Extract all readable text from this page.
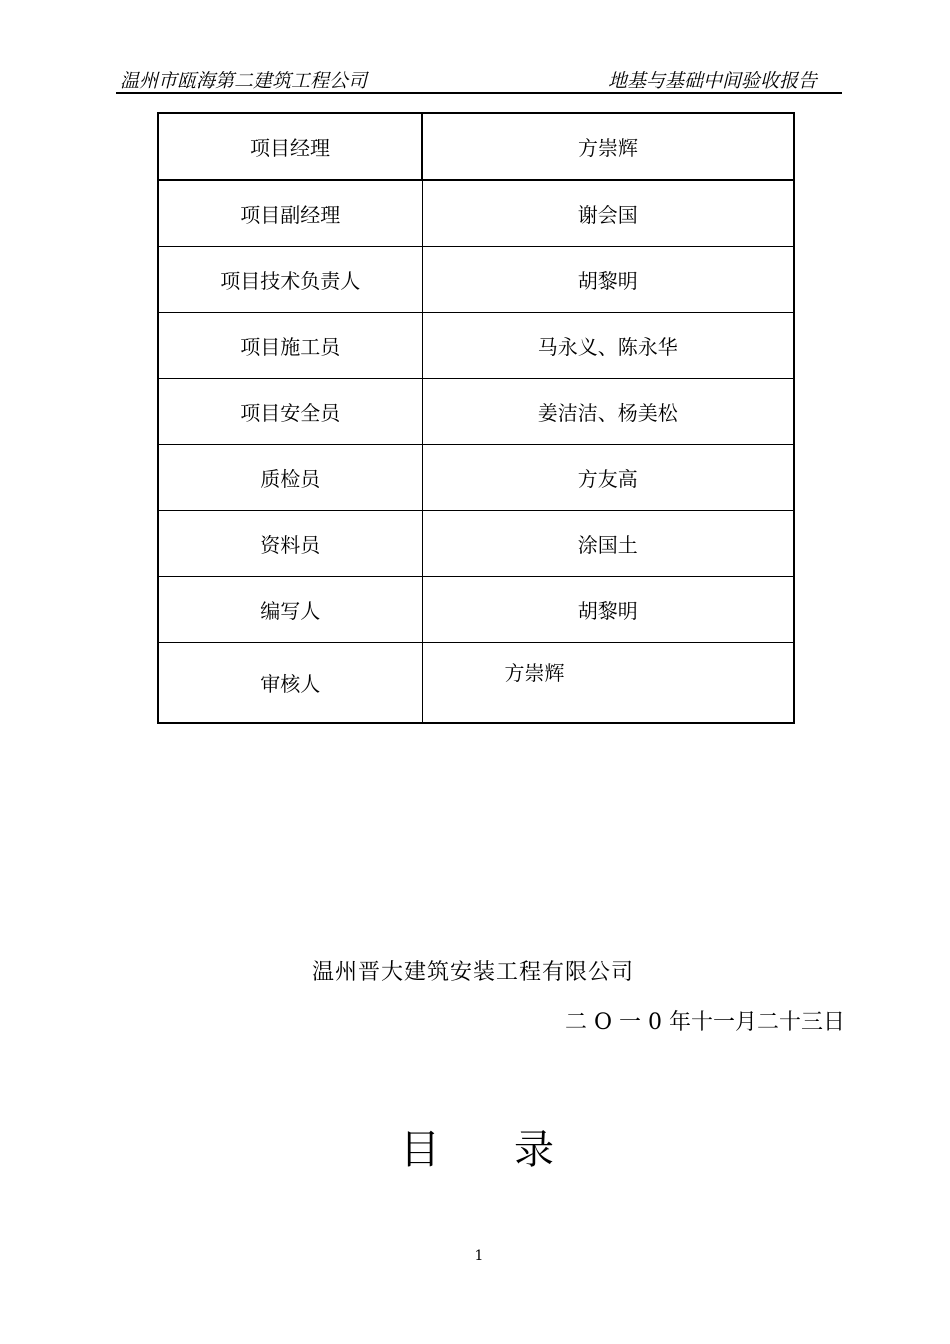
温州市瓯海第二建筑工程公司	地基与基础中间验收报告
项目经理	方崇辉
项目副经理	谢会国
项目技术负责人	胡黎明
项目施工员	马永义、陈永华
项目安全员	姜洁洁、杨美松
质检员	方友高
资料员	涂国土
编写人	胡黎明
审核人	方崇辉
温州晋大建筑安装工程有限公司
二 O 一 0 年十一月二十三日
目录
1
